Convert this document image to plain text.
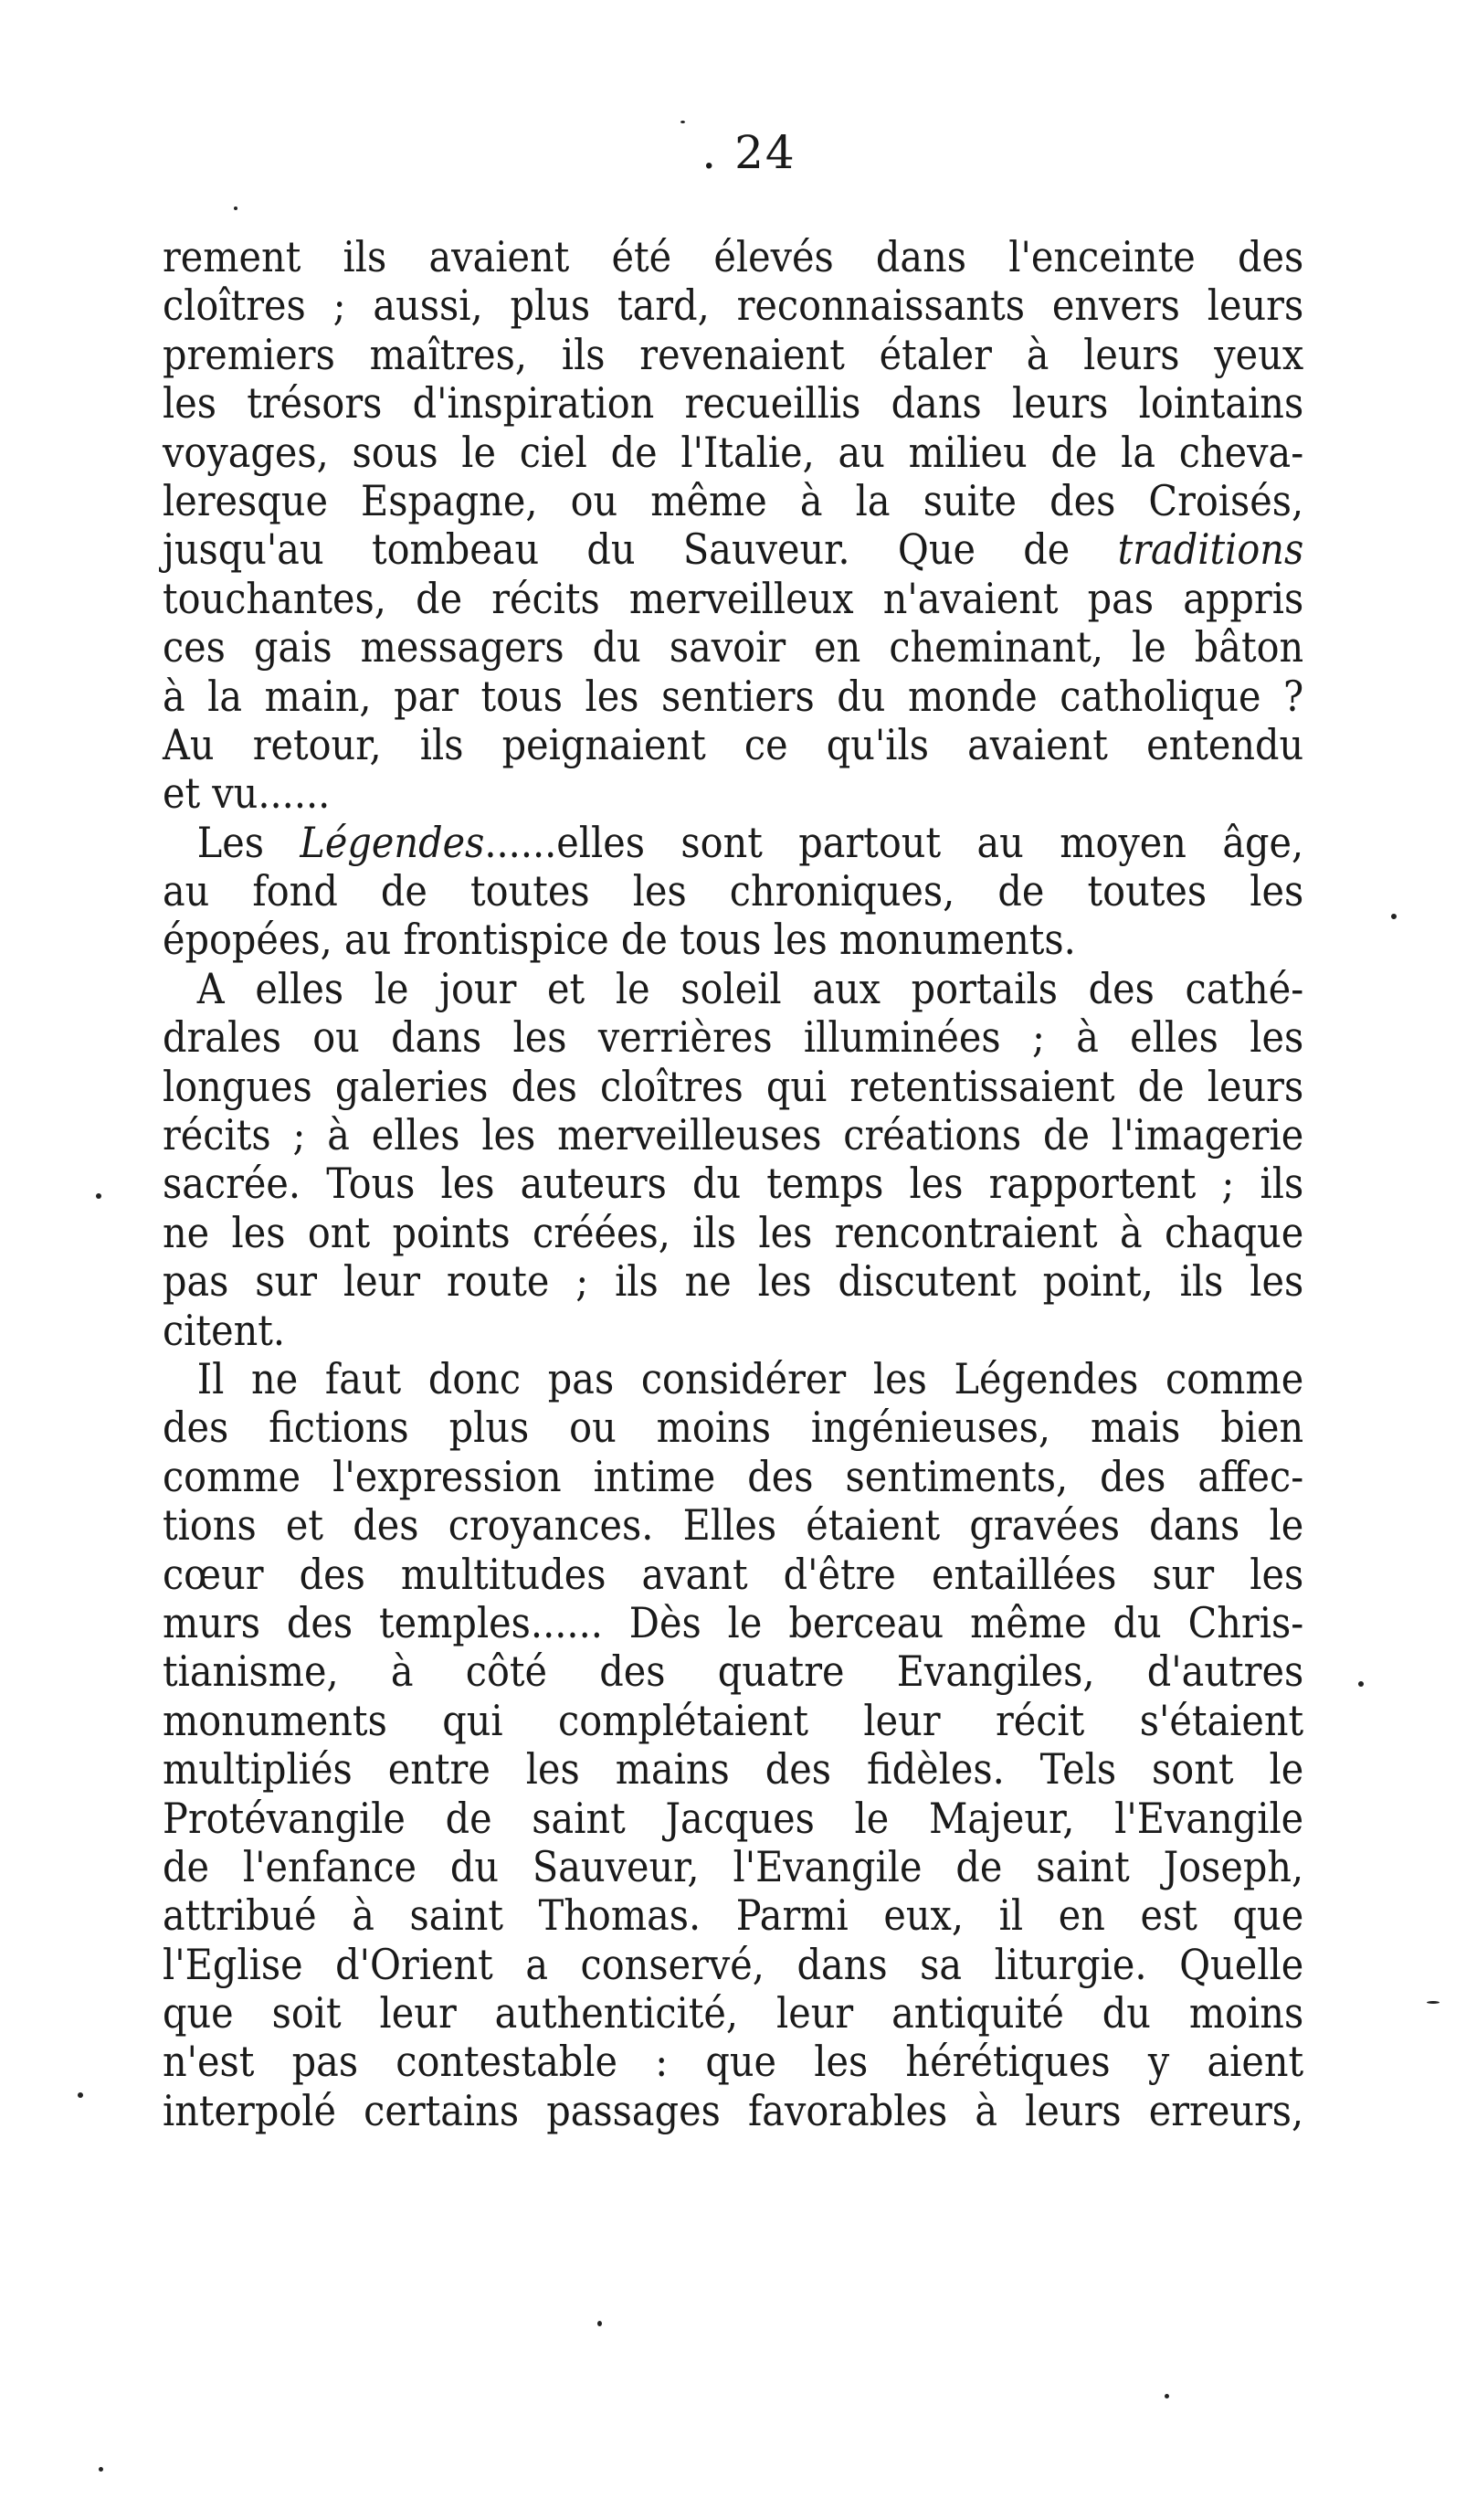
. 24
rement ils avaient été élevés dans l'enceinte des
cloîtres ; aussi, plus tard, reconnaissants envers leurs
premiers maîtres, ils revenaient étaler à leurs yeux
les trésors d'inspiration recueillis dans leurs lointains
voyages, sous le ciel de l'Italie, au milieu de la cheva-
leresque Espagne, ou même à la suite des Croisés,
jusqu'au tombeau du Sauveur. Que de traditions
touchantes, de récits merveilleux n'avaient pas appris
ces gais messagers du savoir en cheminant, le bâton
à la main, par tous les sentiers du monde catholique ?
Au retour, ils peignaient ce qu'ils avaient entendu
et vu......
Les Légendes......elles sont partout au moyen âge,
au fond de toutes les chroniques, de toutes les
épopées, au frontispice de tous les monuments.
A elles le jour et le soleil aux portails des cathé-
drales ou dans les verrières illuminées ; à elles les
longues galeries des cloîtres qui retentissaient de leurs
récits ; à elles les merveilleuses créations de l'imagerie
sacrée. Tous les auteurs du temps les rapportent ; ils
ne les ont points créées, ils les rencontraient à chaque
pas sur leur route ; ils ne les discutent point, ils les
citent.
Il ne faut donc pas considérer les Légendes comme
des fictions plus ou moins ingénieuses, mais bien
comme l'expression intime des sentiments, des affec-
tions et des croyances. Elles étaient gravées dans le
cœur des multitudes avant d'être entaillées sur les
murs des temples...... Dès le berceau même du Chris-
tianisme, à côté des quatre Evangiles, d'autres
monuments qui complétaient leur récit s'étaient
multipliés entre les mains des fidèles. Tels sont le
Protévangile de saint Jacques le Majeur, l'Evangile
de l'enfance du Sauveur, l'Evangile de saint Joseph,
attribué à saint Thomas. Parmi eux, il en est que
l'Eglise d'Orient a conservé, dans sa liturgie. Quelle
que soit leur authenticité, leur antiquité du moins
n'est pas contestable : que les hérétiques y aient
interpolé certains passages favorables à leurs erreurs,
